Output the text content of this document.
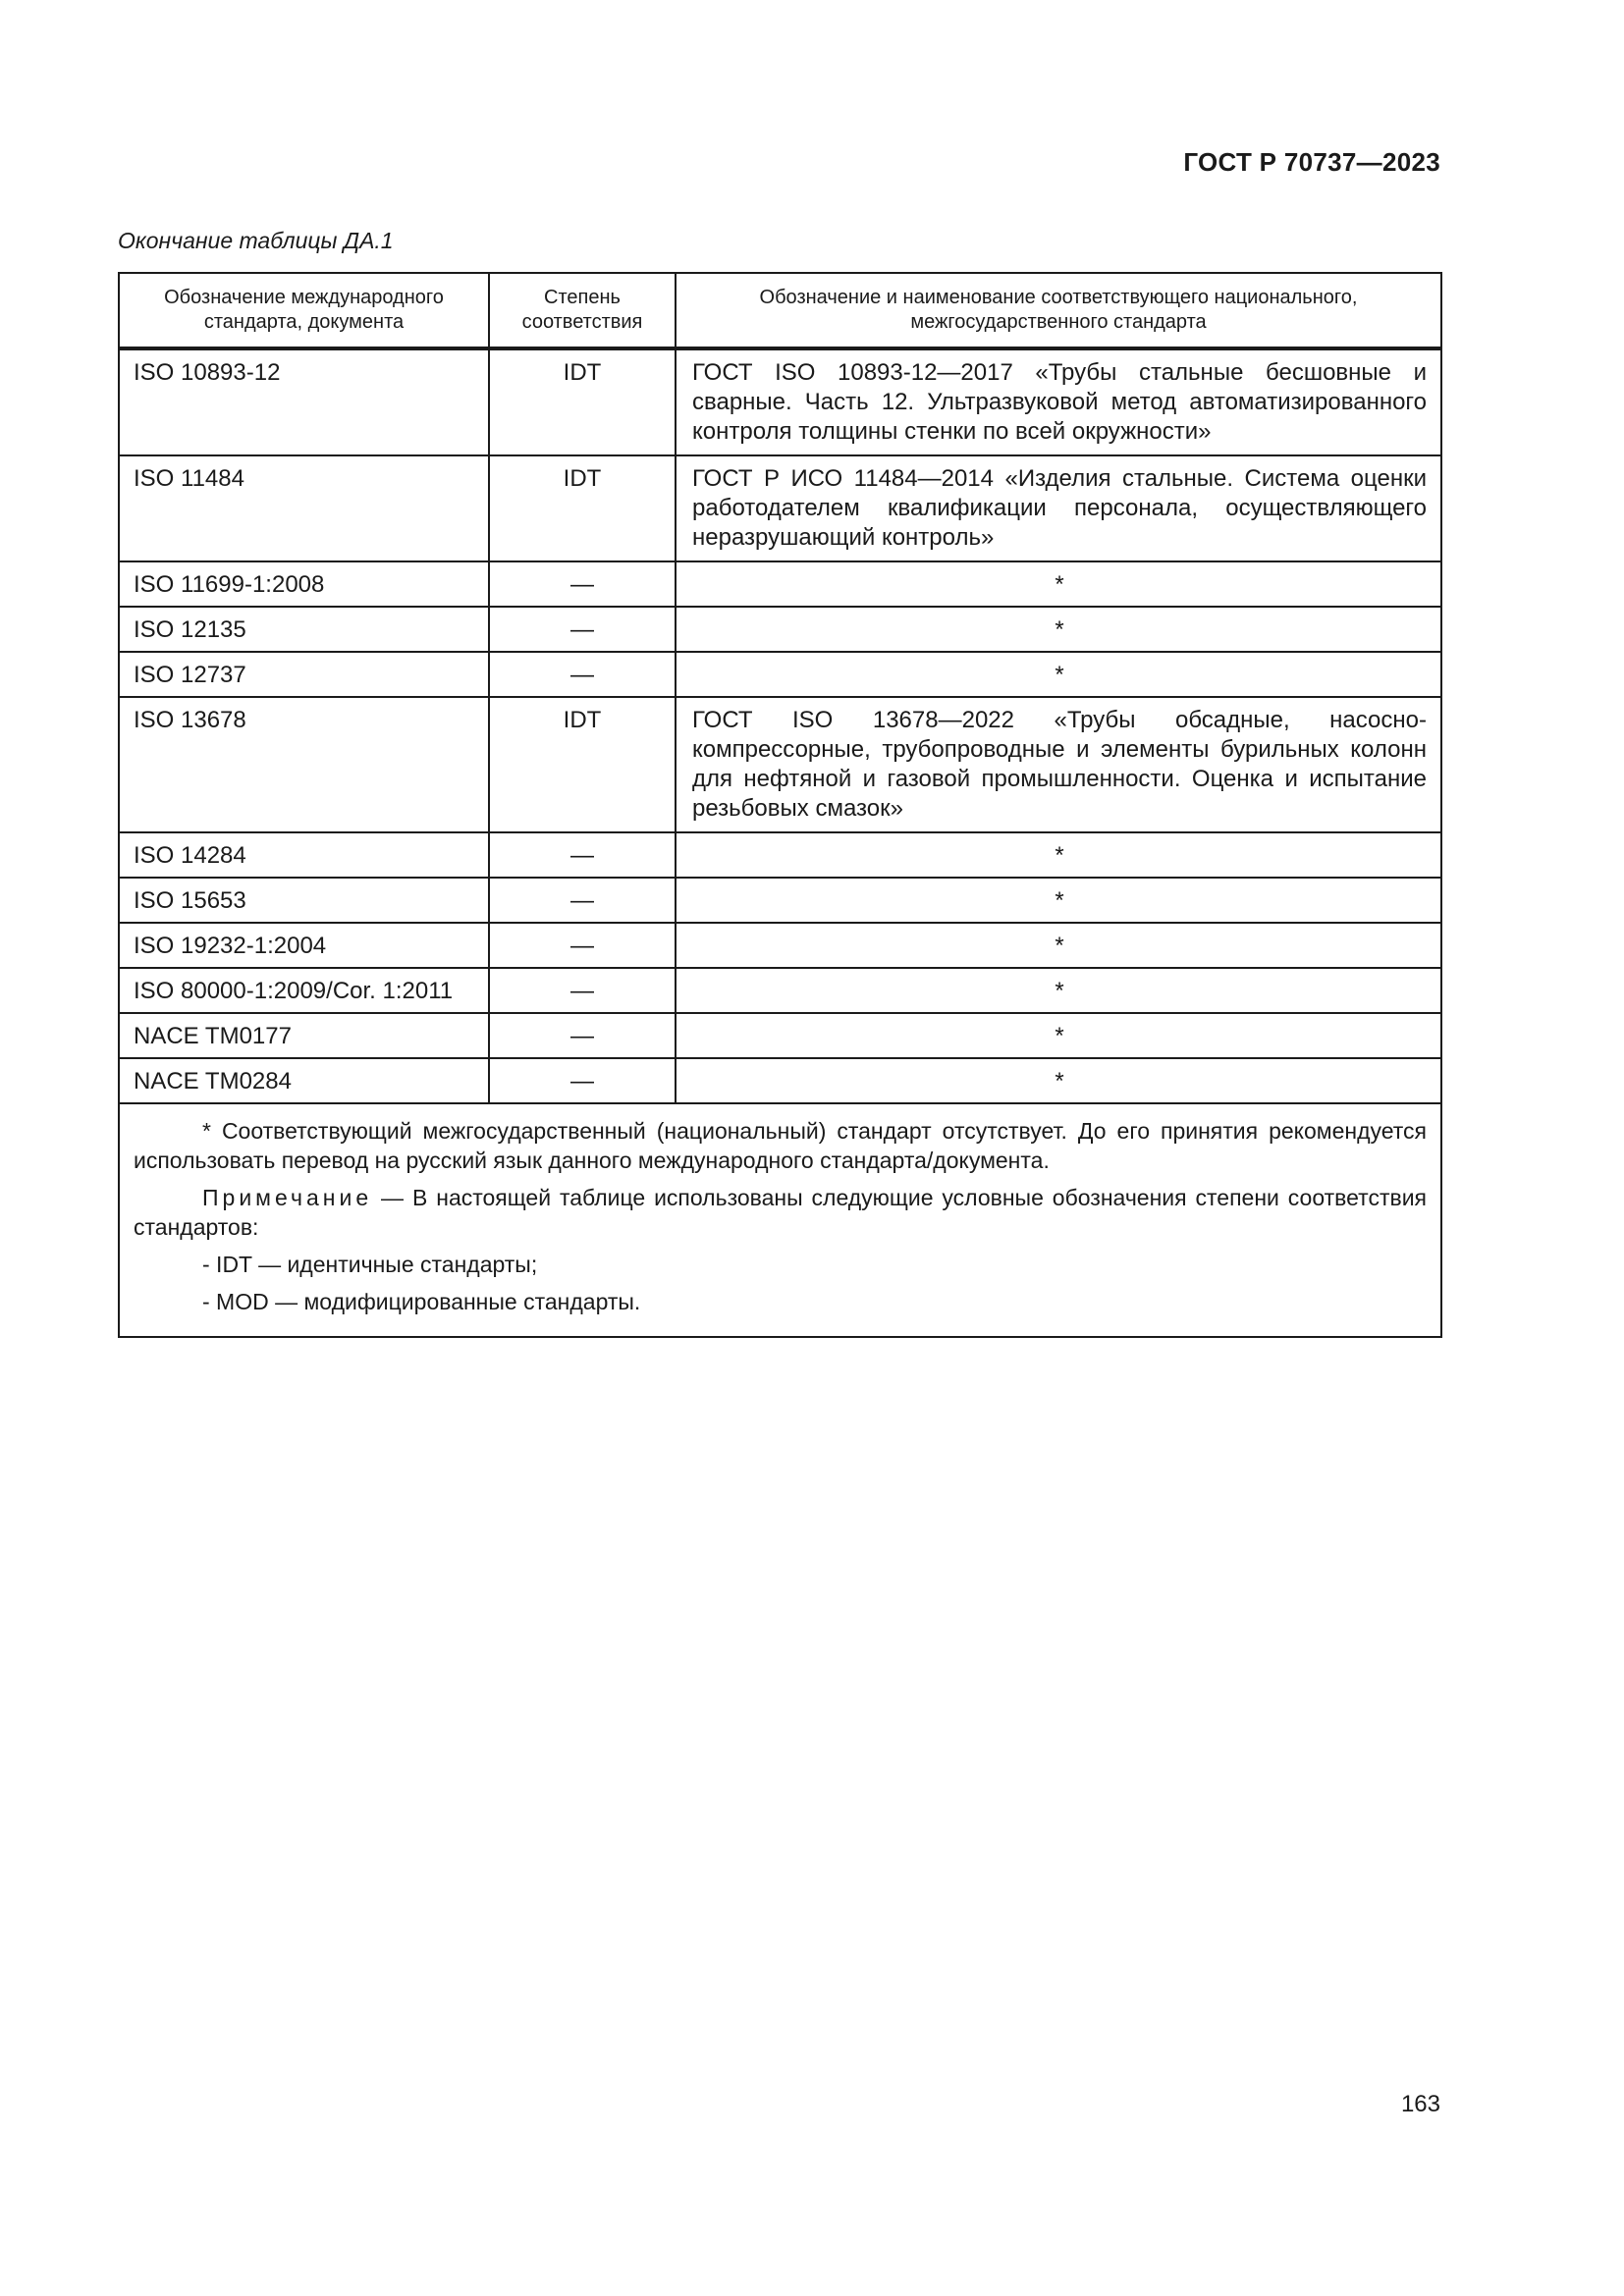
ГОСТ Р 70737—2023
Окончание таблицы ДА.1
Обозначение международного стандарта, документа	Степень соответствия	Обозначение и наименование соответствующего национального, межгосударственного стандарта
ISO 10893-12	IDT	ГОСТ ISO 10893-12—2017 «Трубы стальные бесшовные и сварные. Часть 12. Ультразвуковой метод автоматизированного контроля толщины стенки по всей окружности»
ISO 11484	IDT	ГОСТ Р ИСО 11484—2014 «Изделия стальные. Система оценки работодателем квалификации персонала, осуществляющего неразрушающий контроль»
ISO 11699-1:2008	—	*
ISO 12135	—	*
ISO 12737	—	*
ISO 13678	IDT	ГОСТ ISO 13678—2022 «Трубы обсадные, насосно-компрессорные, трубопроводные и элементы бурильных колонн для нефтяной и газовой промышленности. Оценка и испытание резьбовых смазок»
ISO 14284	—	*
ISO 15653	—	*
ISO 19232-1:2004	—	*
ISO 80000-1:2009/Cor. 1:2011	—	*
NACE TM0177	—	*
NACE TM0284	—	*

* Соответствующий межгосударственный (национальный) стандарт отсутствует. До его принятия рекомендуется использовать перевод на русский язык данного международного стандарта/документа.

Примечание — В настоящей таблице использованы следующие условные обозначения степени соответствия стандартов:

- IDT — идентичные стандарты;
- MOD — модифицированные стандарты.		
163
